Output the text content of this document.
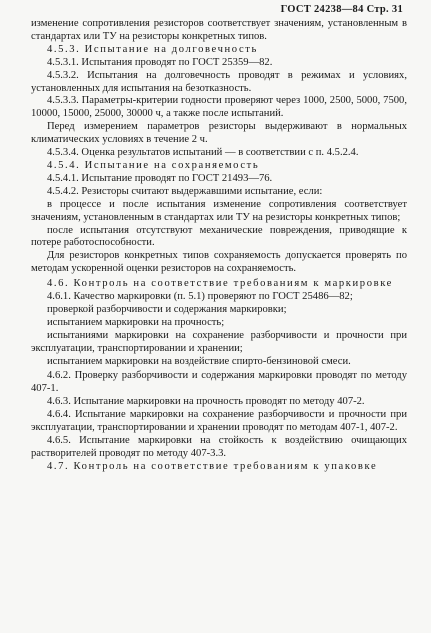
ГОСТ 24238—84 Стр. 31

изменение сопротивления резисторов соответствует значениям, установленным в стандартах или ТУ на резисторы конкретных типов.

4.5.3. Испытание на долговечность

4.5.3.1. Испытания проводят по ГОСТ 25359—82.

4.5.3.2. Испытания на долговечность проводят в режимах и условиях, установленных для испытания на безотказность.

4.5.3.3. Параметры-критерии годности проверяют через 1000, 2500, 5000, 7500, 10000, 15000, 25000, 30000 ч, а также после испытаний.

Перед измерением параметров резисторы выдерживают в нормальных климатических условиях в течение 2 ч.

4.5.3.4. Оценка результатов испытаний — в соответствии с п. 4.5.2.4.

4.5.4. Испытание на сохраняемость

4.5.4.1. Испытание проводят по ГОСТ 21493—76.

4.5.4.2. Резисторы считают выдержавшими испытание, если:

в процессе и после испытания изменение сопротивления соответствует значениям, установленным в стандартах или ТУ на резисторы конкретных типов;

после испытания отсутствуют механические повреждения, приводящие к потере работоспособности.

Для резисторов конкретных типов сохраняемость допускается проверять по методам ускоренной оценки резисторов на сохраняемость.

4.6. Контроль на соответствие требованиям к маркировке

4.6.1. Качество маркировки (п. 5.1) проверяют по ГОСТ 25486—82;

проверкой разборчивости и содержания маркировки;

испытанием маркировки на прочность;

испытаниями маркировки на сохранение разборчивости и прочности при эксплуатации, транспортировании и хранении;

испытанием маркировки на воздействие спирто-бензиновой смеси.

4.6.2. Проверку разборчивости и содержания маркировки проводят по методу 407-1.

4.6.3. Испытание маркировки на прочность проводят по методу 407-2.

4.6.4. Испытание маркировки на сохранение разборчивости и прочности при эксплуатации, транспортировании и хранении проводят по методам 407-1, 407-2.

4.6.5. Испытание маркировки на стойкость к воздействию очищающих растворителей проводят по методу 407-3.3.

4.7. Контроль на соответствие требованиям к упаковке
